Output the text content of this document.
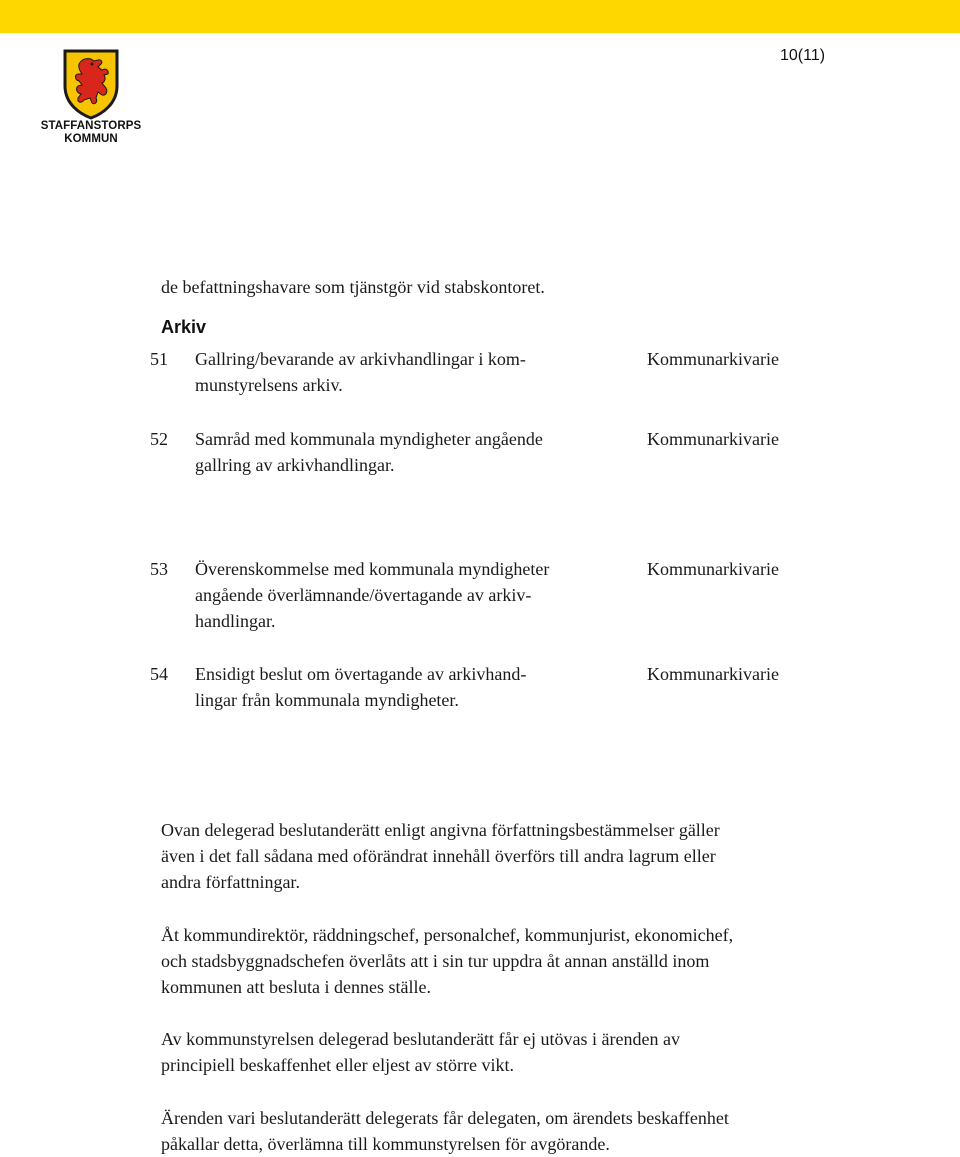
10(11)
STAFFANSTORPS
KOMMUN
de befattningshavare som tjänstgör vid stabskontoret.
Arkiv
51 Gallring/bevarande av arkivhandlingar i kom-
munstyrelsens arkiv.
Kommunarkivarie
52 Samråd med kommunala myndigheter angående
gallring av arkivhandlingar.
Kommunarkivarie
53 Överenskommelse med kommunala myndigheter
angående överlämnande/övertagande av arkiv-
handlingar.
Kommunarkivarie
54 Ensidigt beslut om övertagande av arkivhand-
lingar från kommunala myndigheter.
Kommunarkivarie
Ovan delegerad beslutanderätt enligt angivna författningsbestämmelser gäller
även i det fall sådana med oförändrat innehåll överförs till andra lagrum eller
andra författningar.
Åt kommundirektör, räddningschef, personalchef, kommunjurist, ekonomichef,
och stadsbyggnadschefen överlåts att i sin tur uppdra åt annan anställd inom
kommunen att besluta i dennes ställe.
Av kommunstyrelsen delegerad beslutanderätt får ej utövas i ärenden av
principiell beskaffenhet eller eljest av större vikt.
Ärenden vari beslutanderätt delegerats får delegaten, om ärendets beskaffenhet
påkallar detta, överlämna till kommunstyrelsen för avgörande.
